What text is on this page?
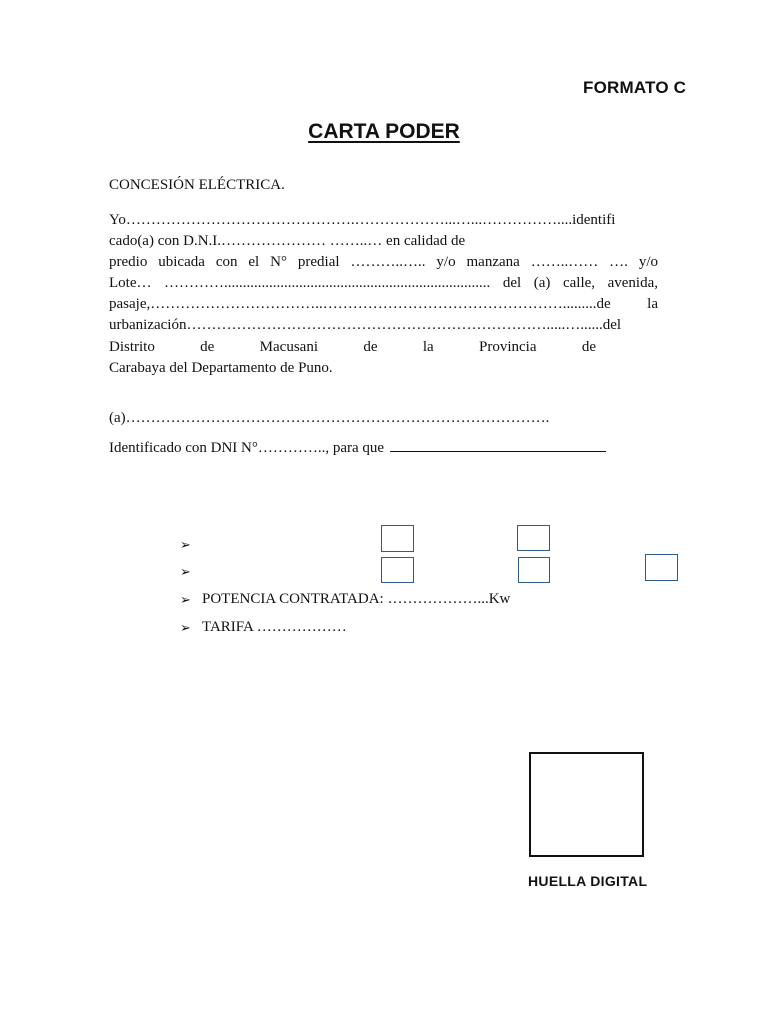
FORMATO C
CARTA PODER
CONCESIÓN ELÉCTRICA.
Yo……………………………………….………………...…...……………....identifi
cado(a) con D.N.I.………………… ……..… en calidad de
predio ubicada con el N° predial ………..….. y/o manzana ……..…… …. y/o
Lote… …………....................................................................... del (a) calle, avenida,
pasaje,……………………………..………………………………………….........de la
urbanización……………………………………………………………….....…......del
Distrito de Macusani de la Provincia de
Carabaya del Departamento de Puno.
(a)………………………………………………………………………….
Identificado con DNI N°………….., para que
➢
➢
➢ POTENCIA CONTRATADA: ………………...Kw
➢ TARIFA ………………
HUELLA DIGITAL
